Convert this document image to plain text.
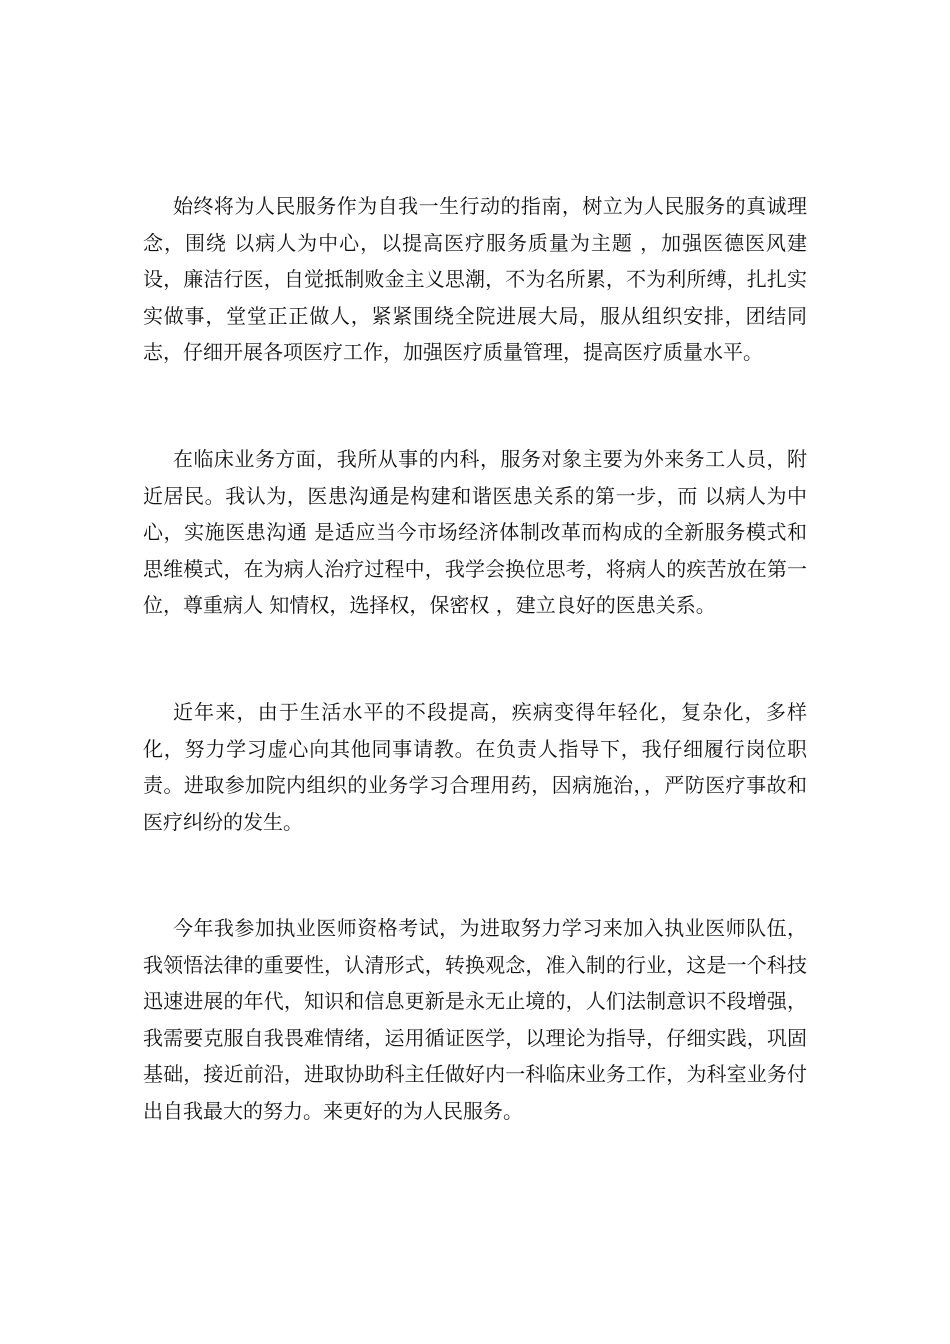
始终将为人民服务作为自我一生行动的指南，树立为人民服务的真诚理念，围绕 以病人为中心，以提高医疗服务质量为主题 ，加强医德医风建设，廉洁行医，自觉抵制败金主义思潮，不为名所累，不为利所缚，扎扎实实做事，堂堂正正做人，紧紧围绕全院进展大局，服从组织安排，团结同志，仔细开展各项医疗工作，加强医疗质量管理，提高医疗质量水平。

在临床业务方面，我所从事的内科，服务对象主要为外来务工人员，附近居民。我认为，医患沟通是构建和谐医患关系的第一步，而 以病人为中心，实施医患沟通 是适应当今市场经济体制改革而构成的全新服务模式和思维模式，在为病人治疗过程中，我学会换位思考，将病人的疾苦放在第一位，尊重病人 知情权，选择权，保密权 ，建立良好的医患关系。

近年来，由于生活水平的不段提高，疾病变得年轻化，复杂化，多样化，努力学习虚心向其他同事请教。在负责人指导下，我仔细履行岗位职责。进取参加院内组织的业务学习合理用药，因病施治，，严防医疗事故和医疗纠纷的发生。

今年我参加执业医师资格考试，为进取努力学习来加入执业医师队伍，我领悟法律的重要性，认清形式，转换观念，准入制的行业，这是一个科技迅速进展的年代，知识和信息更新是永无止境的，人们法制意识不段增强，我需要克服自我畏难情绪，运用循证医学，以理论为指导，仔细实践，巩固基础，接近前沿，进取协助科主任做好内一科临床业务工作，为科室业务付出自我最大的努力。来更好的为人民服务。
